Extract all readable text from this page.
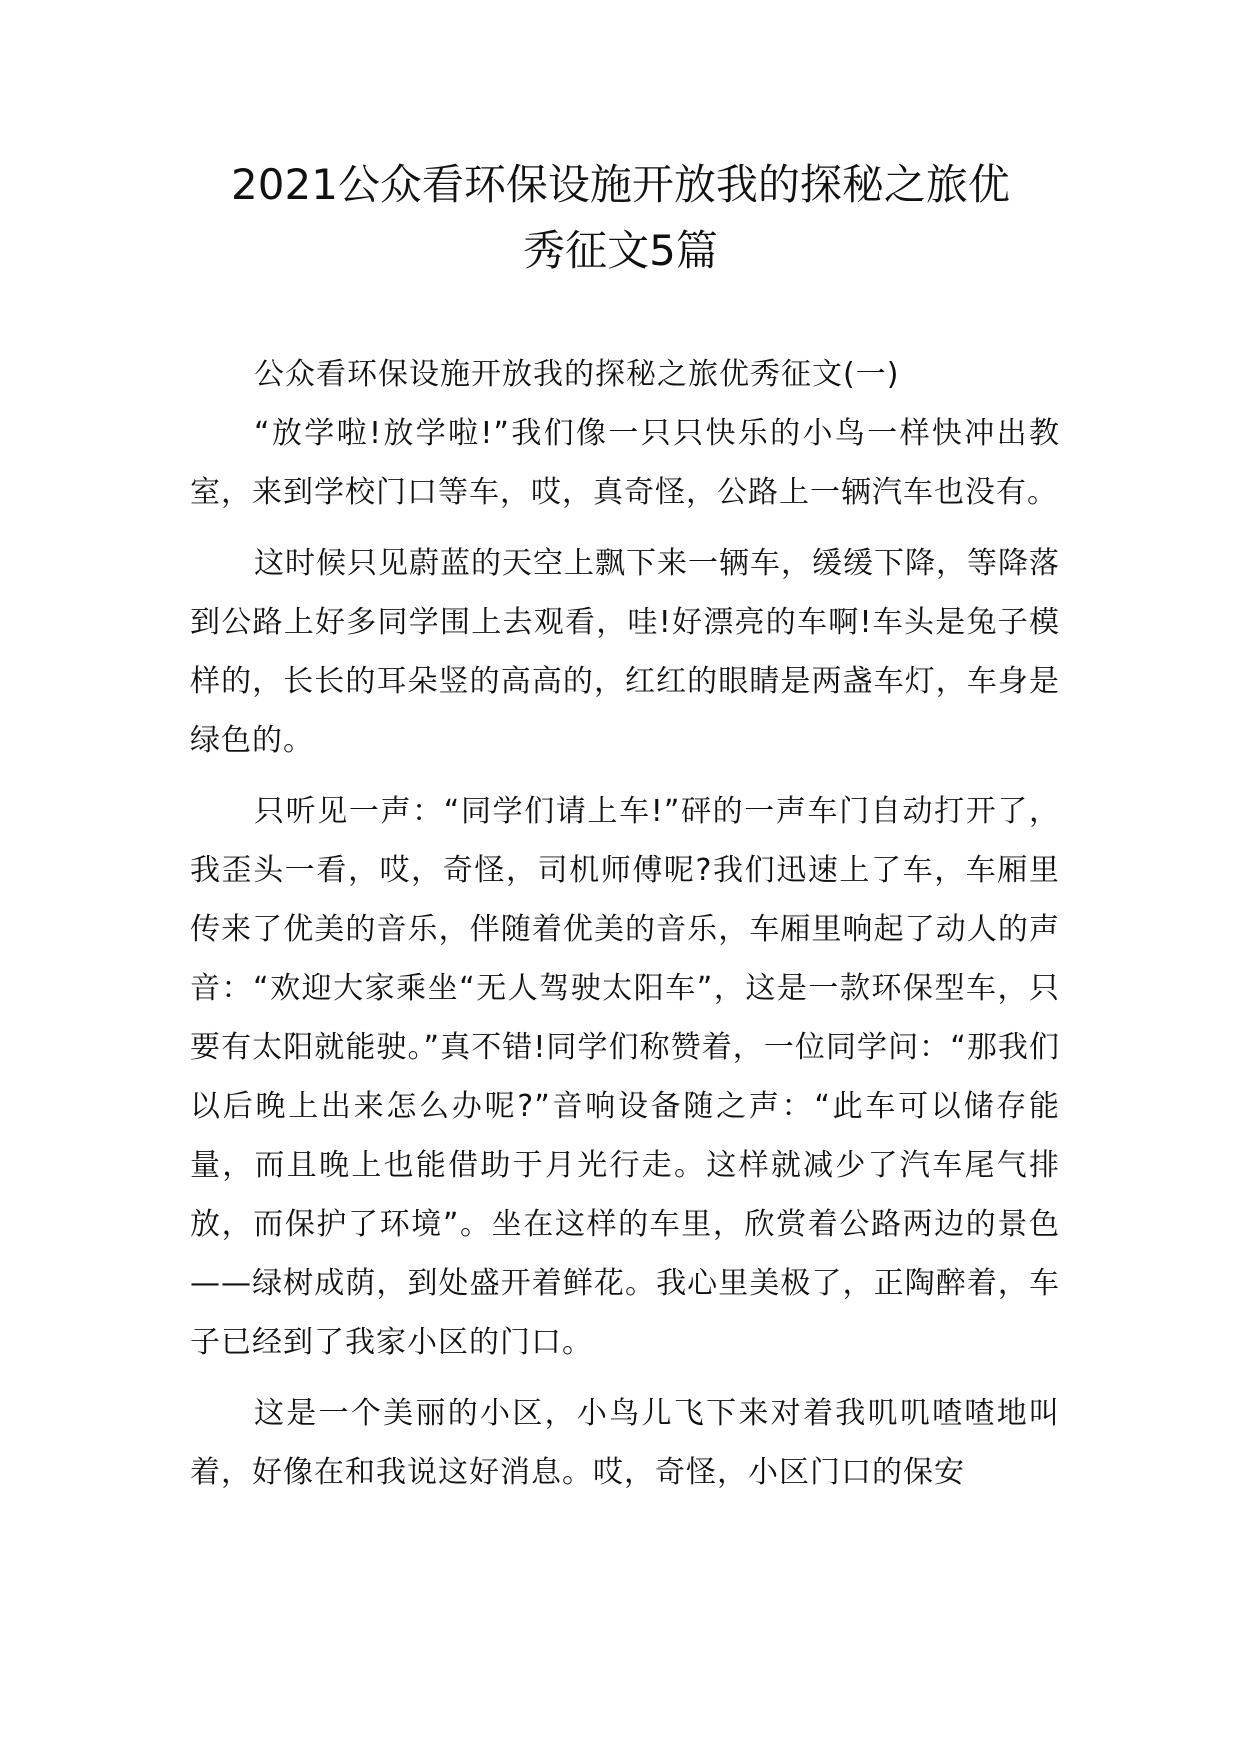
2021公众看环保设施开放我的探秘之旅优
秀征文5篇

公众看环保设施开放我的探秘之旅优秀征文(一)

“放学啦!放学啦!”我们像一只只快乐的小鸟一样快冲出教室，来到学校门口等车，哎，真奇怪，公路上一辆汽车也没有。

这时候只见蔚蓝的天空上飘下来一辆车，缓缓下降，等降落到公路上好多同学围上去观看，哇!好漂亮的车啊!车头是兔子模样的，长长的耳朵竖的高高的，红红的眼睛是两盏车灯，车身是绿色的。

只听见一声：“同学们请上车!”砰的一声车门自动打开了，我歪头一看，哎，奇怪，司机师傅呢?我们迅速上了车，车厢里传来了优美的音乐，伴随着优美的音乐，车厢里响起了动人的声音：“欢迎大家乘坐“无人驾驶太阳车”，这是一款环保型车，只要有太阳就能驶。”真不错!同学们称赞着，一位同学问：“那我们以后晚上出来怎么办呢?”音响设备随之声：“此车可以储存能量，而且晚上也能借助于月光行走。这样就减少了汽车尾气排放，而保护了环境”。坐在这样的车里，欣赏着公路两边的景色——绿树成荫，到处盛开着鲜花。我心里美极了，正陶醉着，车子已经到了我家小区的门口。

这是一个美丽的小区，小鸟儿飞下来对着我叽叽喳喳地叫着，好像在和我说这好消息。哎，奇怪，小区门口的保安
